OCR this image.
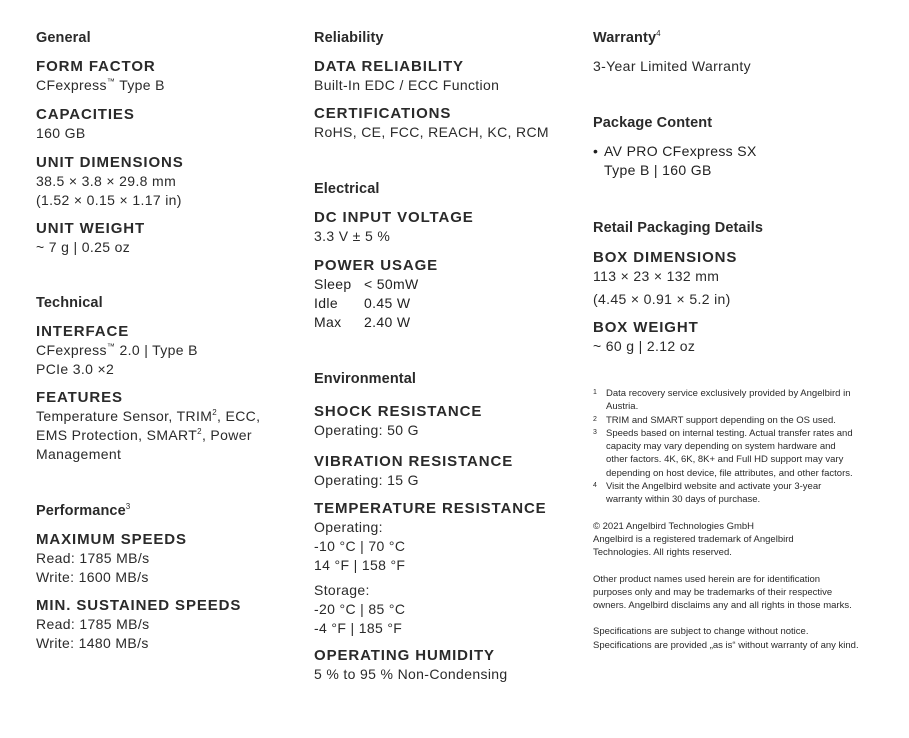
General
FORM FACTOR
CFexpress™ Type B
CAPACITIES
160 GB
UNIT DIMENSIONS
38.5 × 3.8 × 29.8 mm
(1.52 × 0.15 × 1.17 in)
UNIT WEIGHT
~ 7 g | 0.25 oz
Technical
INTERFACE
CFexpress™ 2.0 | Type B
PCIe 3.0 ×2
FEATURES
Temperature Sensor, TRIM$^2$, ECC,
EMS Protection, SMART$^2$, Power
Management
Performance$^3$
MAXIMUM SPEEDS
Read: 1785 MB/s
Write: 1600 MB/s
MIN. SUSTAINED SPEEDS
Read: 1785 MB/s
Write: 1480 MB/s
Reliability
DATA RELIABILITY
Built-In EDC / ECC Function
CERTIFICATIONS
RoHS, CE, FCC, REACH, KC, RCM
Electrical
DC INPUT VOLTAGE
3.3 V ± 5 %
POWER USAGE
Sleep < 50mW
Idle	0.45 W
Max	2.40 W
Environmental
SHOCK RESISTANCE
Operating: 50 G
VIBRATION RESISTANCE
Operating: 15 G
TEMPERATURE RESISTANCE
Operating:
-10 °C | 70 °C
14 °F | 158 °F
Storage:
-20 °C | 85 °C
-4 °F | 185 °F
OPERATING HUMIDITY
5 % to 95 % Non-Condensing
Warranty$^4$
3-Year Limited Warranty
Package Content
• AV PRO CFexpress SX
Type B | 160 GB
Retail Packaging Details
BOX DIMENSIONS
113 × 23 × 132 mm
(4.45 × 0.91 × 5.2 in)
BOX WEIGHT
~ 60 g | 2.12 oz
1 Data recovery service exclusively provided by Angelbird in Austria.
2 TRIM and SMART support depending on the OS used.
3 Speeds based on internal testing. Actual transfer rates and capacity may vary depending on system hardware and other factors. 4K, 6K, 8K+ and Full HD support may vary depending on host device, file attributes, and other factors.
4 Visit the Angelbird website and activate your 3-year warranty within 30 days of purchase.
© 2021 Angelbird Technologies GmbH
Angelbird is a registered trademark of Angelbird Technologies. All rights reserved.
Other product names used herein are for identification purposes only and may be trademarks of their respective owners. Angelbird disclaims any and all rights in those marks.
Specifications are subject to change without notice.
Specifications are provided „as is“ without warranty of any kind.
